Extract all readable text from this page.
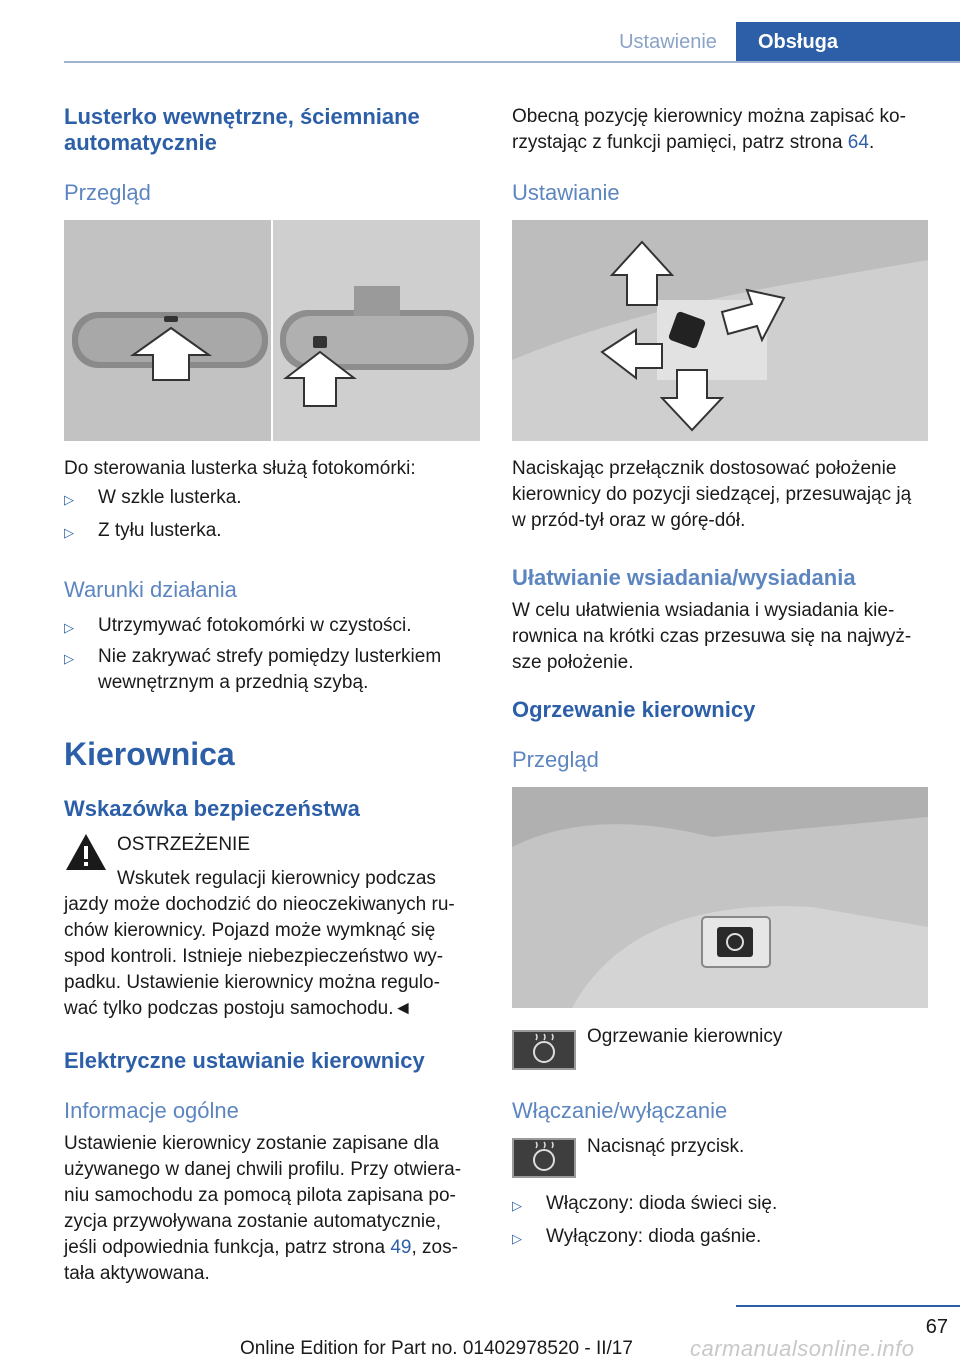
Ustawienie	Obsługa
Lusterko wewnętrzne, ściemniane
automatycznie
Przegląd
Do sterowania lusterka służą fotokomórki:
▷ W szkle lusterka.
▷ Z tyłu lusterka.
Warunki działania
▷ Utrzymywać fotokomórki w czystości.
▷ Nie zakrywać strefy pomiędzy lusterkiem
wewnętrznym a przednią szybą.
Kierownica
Wskazówka bezpieczeństwa
OSTRZEŻENIE
Wskutek regulacji kierownicy podczas
jazdy może dochodzić do nieoczekiwanych ru-
chów kierownicy. Pojazd może wymknąć się
spod kontroli. Istnieje niebezpieczeństwo wy-
padku. Ustawienie kierownicy można regulo-
wać tylko podczas postoju samochodu.◄
Elektryczne ustawianie kierownicy
Informacje ogólne
Ustawienie kierownicy zostanie zapisane dla
używanego w danej chwili profilu. Przy otwiera-
niu samochodu za pomocą pilota zapisana po-
zycja przywoływana zostanie automatycznie,
jeśli odpowiednia funkcja, patrz strona 49, zos-
tała aktywowana.
Obecną pozycję kierownicy można zapisać ko-
rzystając z funkcji pamięci, patrz strona 64.
Ustawianie
Naciskając przełącznik dostosować położenie
kierownicy do pozycji siedzącej, przesuwając ją
w przód-tył oraz w górę-dół.
Ułatwianie wsiadania/wysiadania
W celu ułatwienia wsiadania i wysiadania kie-
rownica na krótki czas przesuwa się na najwyż-
sze położenie.
Ogrzewanie kierownicy
Przegląd
Ogrzewanie kierownicy
Włączanie/wyłączanie
Nacisnąć przycisk.
▷ Włączony: dioda świeci się.
▷ Wyłączony: dioda gaśnie.
67
carmanualsonline.info
Online Edition for Part no. 01402978520 - II/17
